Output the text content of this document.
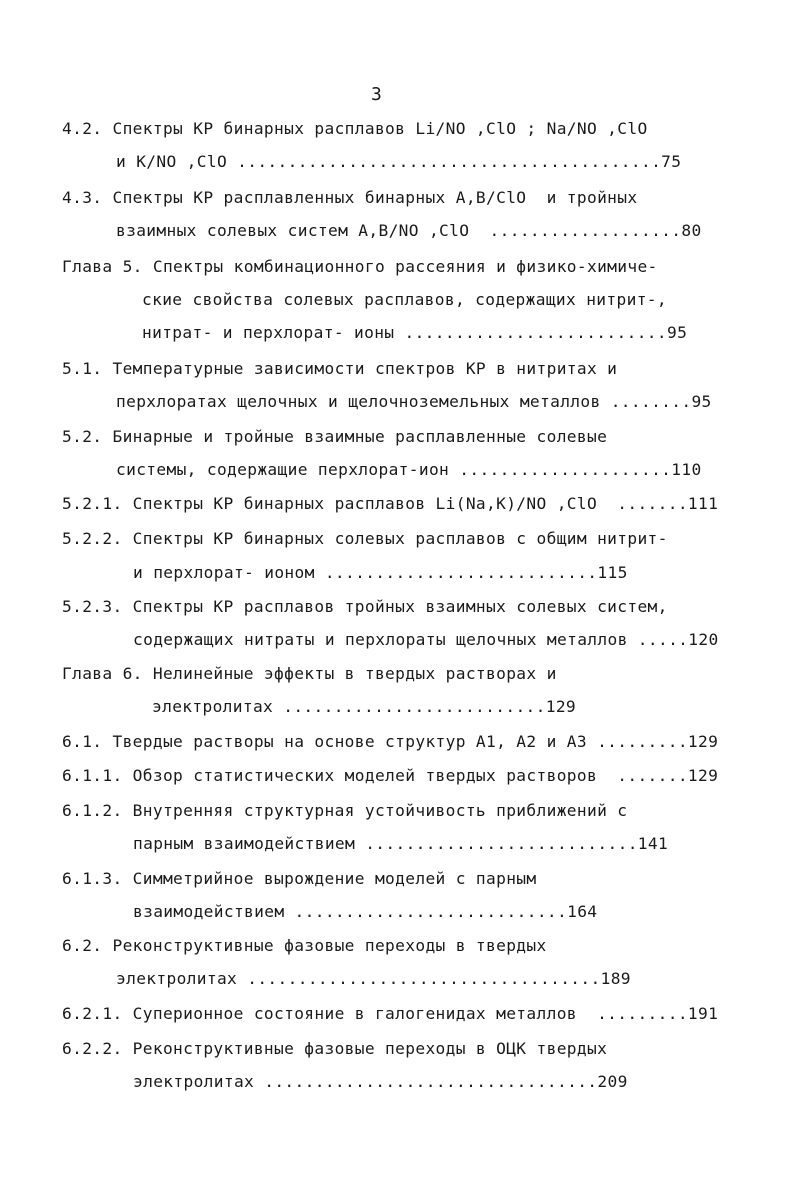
3
4.2. Спектры КР бинарных расплавов Li/NO ,ClO ; Na/NO ,ClO
и K/NO ,ClO ..........................................75
4.3. Спектры КР расплавленных бинарных A,B/ClO  и тройных
взаимных солевых систем A,B/NO ,ClO  ...................80
Глава 5. Спектры комбинационного рассеяния и физико-химиче-
ские свойства солевых расплавов, содержащих нитрит-,
нитрат- и перхлорат- ионы ..........................95
5.1. Температурные зависимости спектров КР в нитритах и
перхлоратах щелочных и щелочноземельных металлов ........95
5.2. Бинарные и тройные взаимные расплавленные солевые
системы, содержащие перхлорат-ион .....................110
5.2.1. Спектры КР бинарных расплавов Li(Na,K)/NO ,ClO  .......111
5.2.2. Спектры КР бинарных солевых расплавов с общим нитрит-
и перхлорат- ионом ...........................115
5.2.3. Спектры КР расплавов тройных взаимных солевых систем,
содержащих нитраты и перхлораты щелочных металлов .....120
Глава 6. Нелинейные эффекты в твердых растворах и
электролитах ..........................129
6.1. Твердые растворы на основе структур A1, A2 и A3 .........129
6.1.1. Обзор статистических моделей твердых растворов  .......129
6.1.2. Внутренняя структурная устойчивость приближений с
парным взаимодействием ...........................141
6.1.3. Симметрийное вырождение моделей с парным
взаимодействием ...........................164
6.2. Реконструктивные фазовые переходы в твердых
электролитах ...................................189
6.2.1. Суперионное состояние в галогенидах металлов  .........191
6.2.2. Реконструктивные фазовые переходы в ОЦК твердых
электролитах .................................209
